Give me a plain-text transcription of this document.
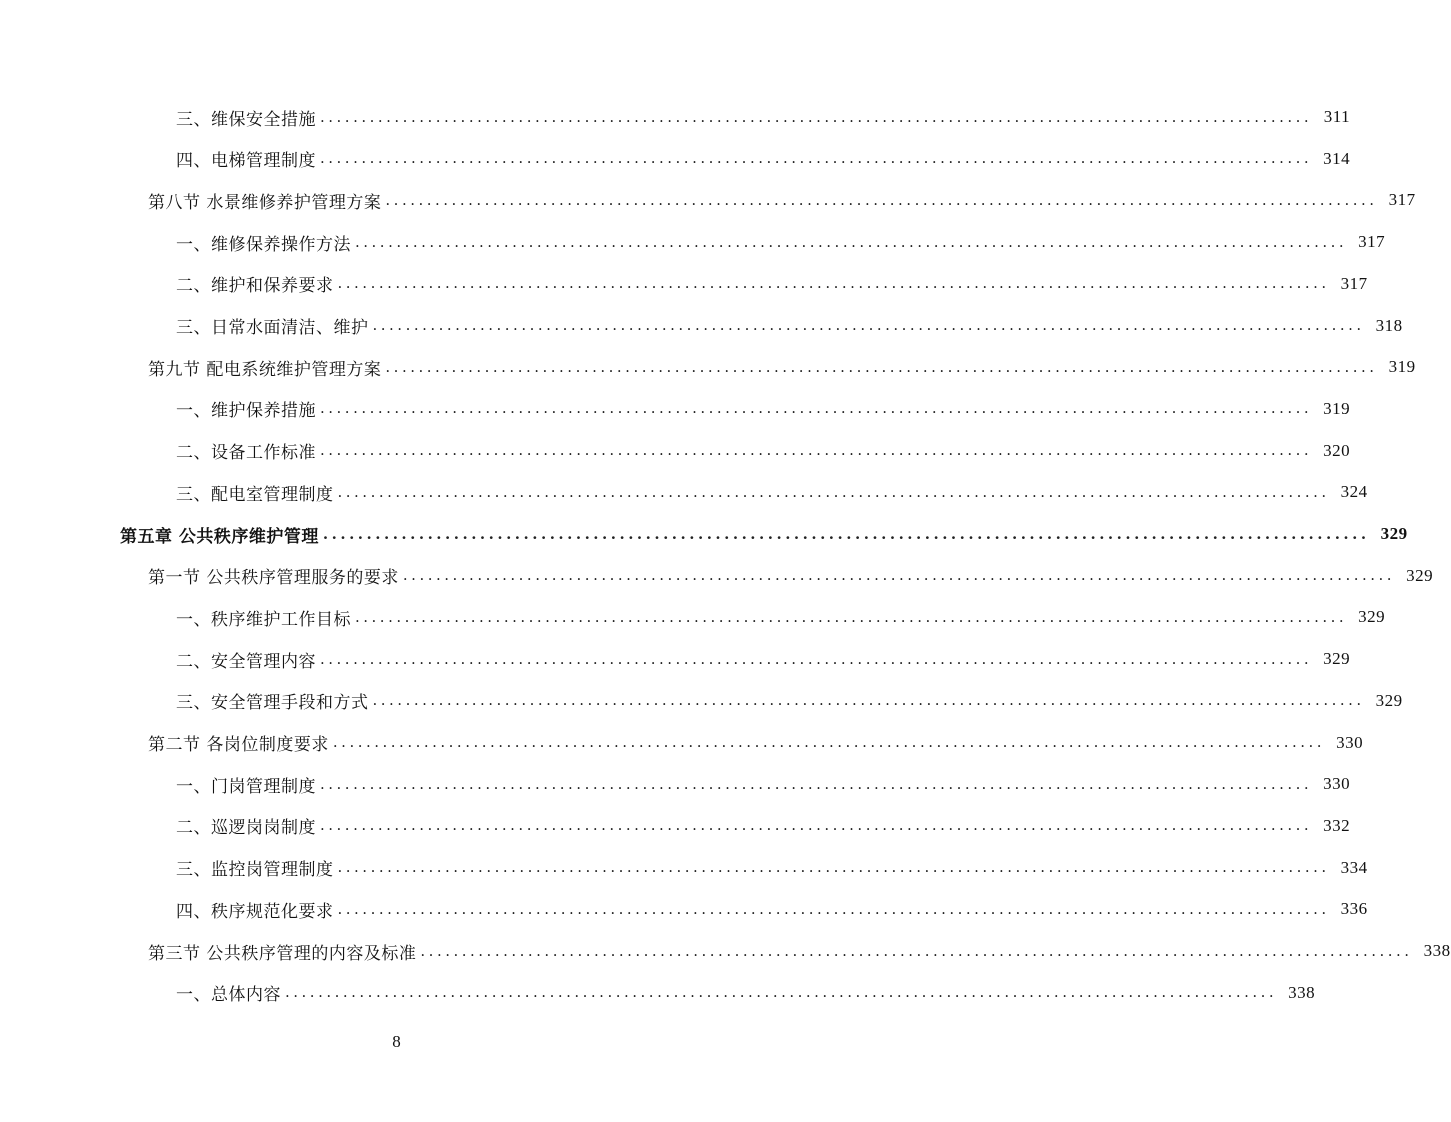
三、维保安全措施 ........................................................................................................................ 311
四、电梯管理制度 ........................................................................................................................ 314
第八节 水景维修养护管理方案 ........................................................................................................................ 317
一、维修保养操作方法 ........................................................................................................................ 317
二、维护和保养要求 ........................................................................................................................ 317
三、日常水面清洁、维护 ........................................................................................................................ 318
第九节 配电系统维护管理方案 ........................................................................................................................ 319
一、维护保养措施 ........................................................................................................................ 319
二、设备工作标准 ........................................................................................................................ 320
三、配电室管理制度 ........................................................................................................................ 324
第五章 公共秩序维护管理 ........................................................................................................................ 329
第一节 公共秩序管理服务的要求 ........................................................................................................................ 329
一、秩序维护工作目标 ........................................................................................................................ 329
二、安全管理内容 ........................................................................................................................ 329
三、安全管理手段和方式 ........................................................................................................................ 329
第二节 各岗位制度要求 ........................................................................................................................ 330
一、门岗管理制度 ........................................................................................................................ 330
二、巡逻岗岗制度 ........................................................................................................................ 332
三、监控岗管理制度 ........................................................................................................................ 334
四、秩序规范化要求 ........................................................................................................................ 336
第三节 公共秩序管理的内容及标准 ........................................................................................................................ 338
一、总体内容 ........................................................................................................................ 338
8
